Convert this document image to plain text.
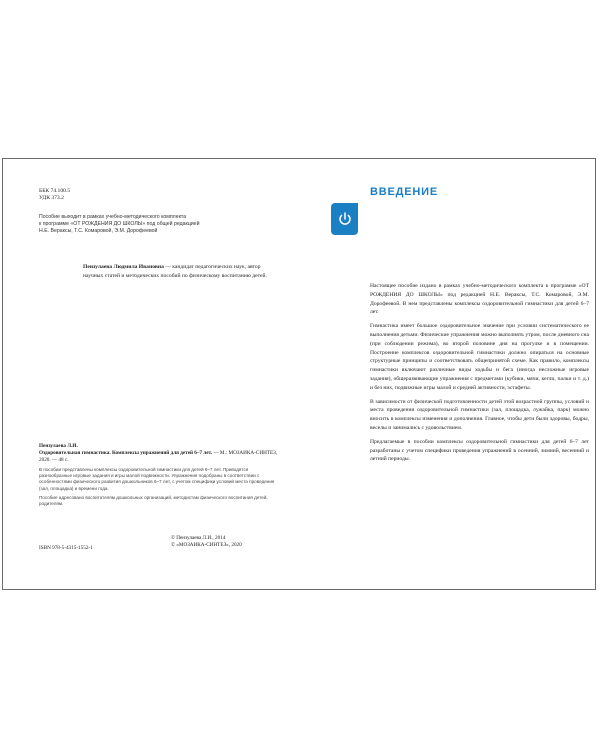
ББК 74.100.5
УДК 373.2
Пособие выходит в рамках учебно-методического комплекта
к программе «ОТ РОЖДЕНИЯ ДО ШКОЛЫ» под общей редакцией
Н.Е. Вераксы, Т.С. Комаровой, Э.М. Дорофеевой
Пензулаева Людмила Ивановна — кандидат педагогических наук, автор научных статей и методических пособий по физическому воспитанию детей.
Пензулаева Л.И.
Оздоровительная гимнастика. Комплексы упражнений для детей 6–7 лет. — М.: МОЗАИКА-СИНТЕЗ, 2020. — 48 с.

В пособии представлены комплексы оздоровительной гимнастики для детей 6–7 лет. Приводятся разнообразные игровые задания и игры малой подвижности. Упражнения подобраны в соответствии с особенностями физического развития дошкольников 6–7 лет, с учетом специфики условий места проведения (зал, площадка) и времени года.

Пособие адресовано воспитателям дошкольных организаций, методистам физического воспитания детей, родителям.

© Пензулаева Л.И., 2014
© «МОЗАИКА-СИНТЕЗ», 2020
ISBN 978-5-4315-1552-1
ВВЕДЕНИЕ

Настоящее пособие издано в рамках учебно-методического комплекта к программе «ОТ РОЖДЕНИЯ ДО ШКОЛЫ» под редакцией Н.Е. Вераксы, Т.С. Комаровой, Э.М. Дорофеевой. В нем представлены комплексы оздоровительной гимнастики для детей 6–7 лет.

Гимнастика имеет большое оздоровительное значение при условии систематического ее выполнения детьми. Физические упражнения можно выполнять утром, после дневного сна (при соблюдении режима), во второй половине дня на прогулке и в помещении. Построение комплексов оздоровительной гимнастики должно опираться на основные структурные принципы и соответствовать общепринятой схеме. Как правило, комплексы гимнастики включают различные виды ходьбы и бега (иногда несложные игровые задания), общеразвивающие упражнения с предметами (кубики, мячи, кегли, палки и т. д.) и без них, подвижные игры малой и средней активности, эстафеты.

В зависимости от физической подготовленности детей этой возрастной группы, условий и места проведения оздоровительной гимнастики (зал, площадка, лужайка, парк) можно вносить в комплексы изменения и дополнения. Главное, чтобы дети были здоровы, бодры, веселы и занимались с удовольствием.

Предлагаемые в пособии комплексы оздоровительной гимнастики для детей 6–7 лет разработаны с учетом специфики проведения упражнений в осенний, зимний, весенний и летний периоды.
